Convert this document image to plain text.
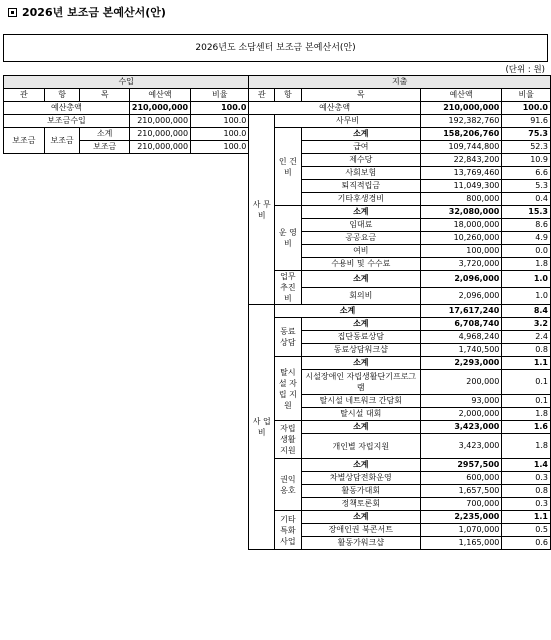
2026년 보조금 본예산서(안)
2026년도 소담센터 보조금 본예산서(안)
(단위 : 원)
수입					지출				
관	항	목	예산액	비율	관	항	목	예산액	비율
예산총액			210,000,000	100.0	예산총액			210,000,000	100.0
보조금수입			210,000,000	100.0	사 무 비	사무비		192,382,760	91.6
보조금	보조금	소계	210,000,000	100.0		인 건 비	소계	158,206,760	75.3
		보조금	210,000,000	100.0			급여	109,744,800	52.3
							제수당	22,843,200	10.9
							사회보험	13,769,460	6.6
							퇴직적립금	11,049,300	5.3
							기타후생경비	800,000	0.4
						운 영 비	소계	32,080,000	15.3
							임대료	18,000,000	8.6
							공공요금	10,260,000	4.9
							여비	100,000	0.0
							수용비 및 수수료	3,720,000	1.8
						업무 추진비	소계	2,096,000	1.0
							회의비	2,096,000	1.0
					사 업 비	소계		17,617,240	8.4
						동료 상담	소계	6,708,740	3.2
							집단동료상담	4,968,240	2.4
							동료상담워크샵	1,740,500	0.8
						탈시설 자립 지원	소계	2,293,000	1.1
							시설장애인 자립생활단기프로그램	200,000	0.1
							탈시설 네트워크 간담회	93,000	0.1
							탈시설 대회	2,000,000	1.8
						자립 생활 지원	소계	3,423,000	1.6
							개인별 자립지원	3,423,000	1.8
						권익 옹호	소계	2957,500	1.4
							차별상담전화운영	600,000	0.3
							활동가대회	1,657,500	0.8
							정책토론회	700,000	0.3
						기타 특화 사업	소계	2,235,000	1.1
							장애인권 북콘서트	1,070,000	0.5
							활동가워크샵	1,165,000	0.6
